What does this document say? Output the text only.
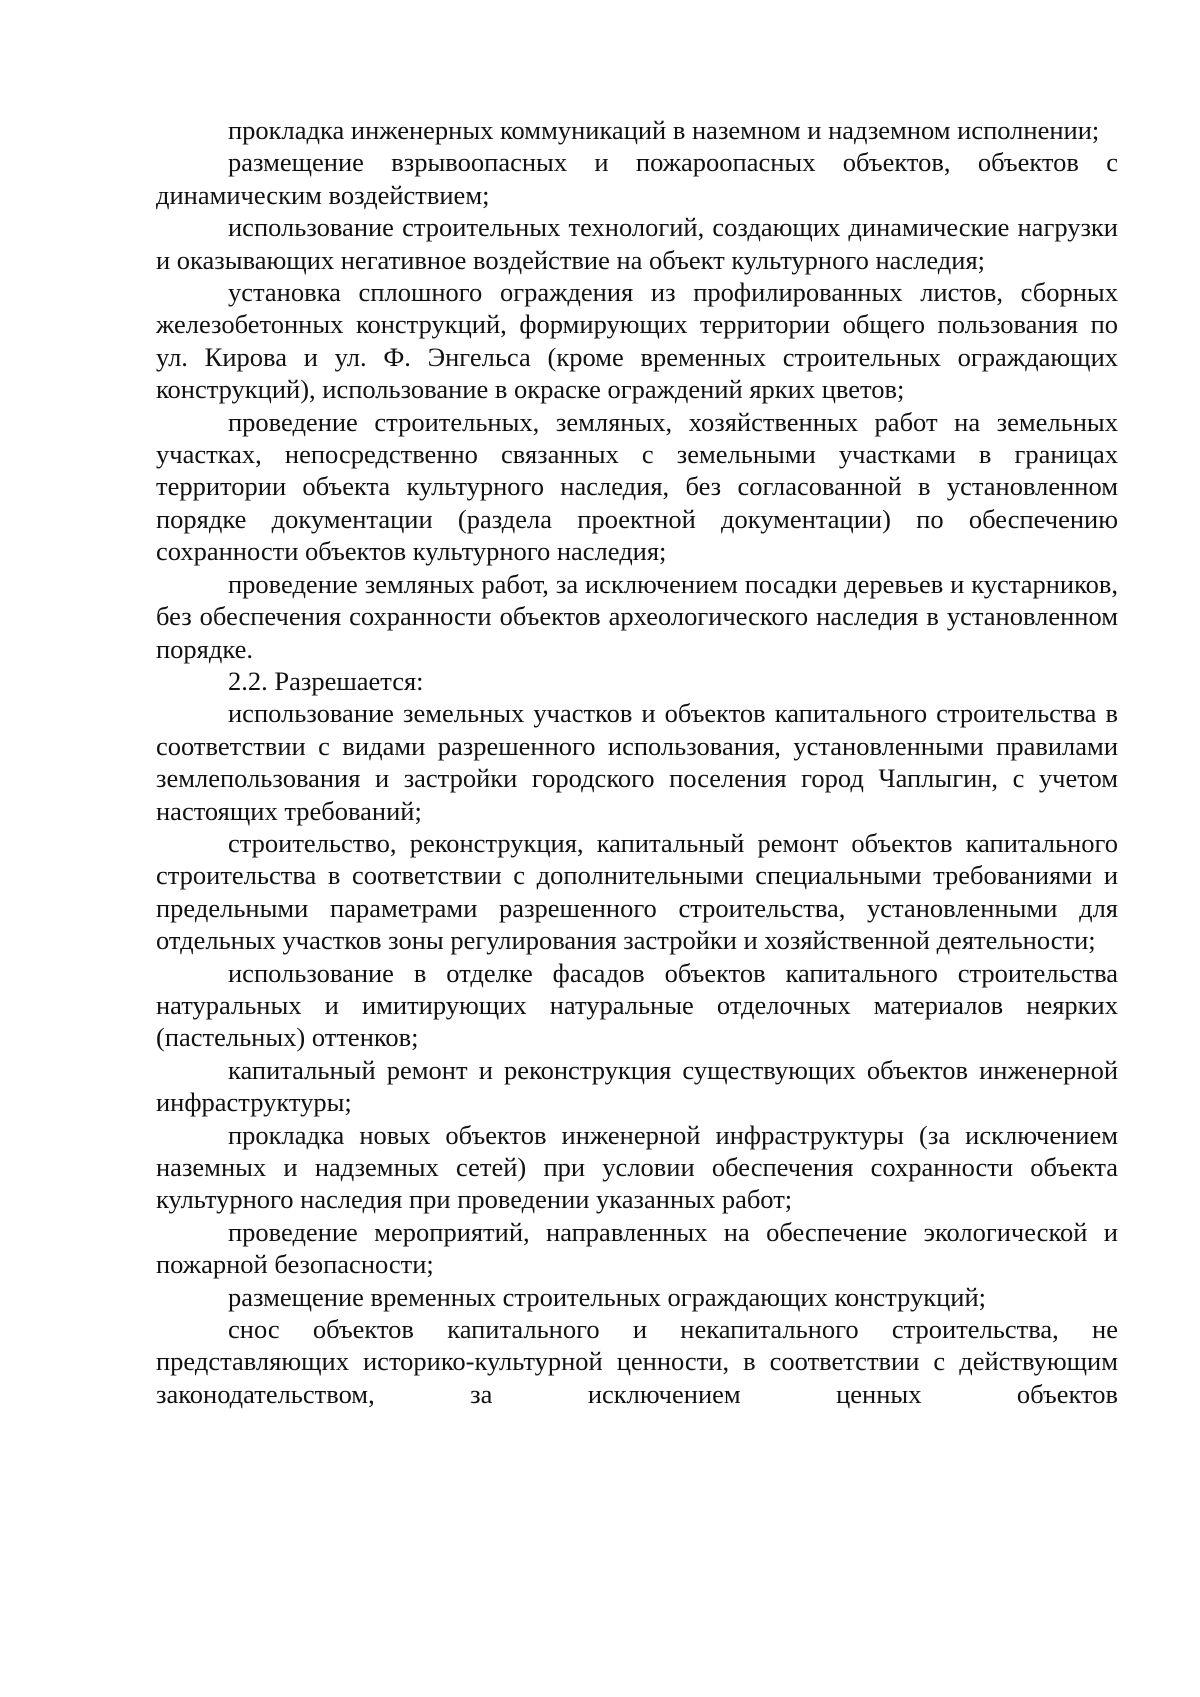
прокладка инженерных коммуникаций в наземном и надземном исполнении;

размещение взрывоопасных и пожароопасных объектов, объектов с динамическим воздействием;

использование строительных технологий, создающих динамические нагрузки и оказывающих негативное воздействие на объект культурного наследия;

установка сплошного ограждения из профилированных листов, сборных железобетонных конструкций, формирующих территории общего пользования по ул. Кирова и ул. Ф. Энгельса (кроме временных строительных ограждающих конструкций), использование в окраске ограждений ярких цветов;

проведение строительных, земляных, хозяйственных работ на земельных участках, непосредственно связанных с земельными участками в границах территории объекта культурного наследия, без согласованной в установленном порядке документации (раздела проектной документации) по обеспечению сохранности объектов культурного наследия;

проведение земляных работ, за исключением посадки деревьев и кустарников, без обеспечения сохранности объектов археологического наследия в установленном порядке.

2.2. Разрешается:

использование земельных участков и объектов капитального строительства в соответствии с видами разрешенного использования, установленными правилами землепользования и застройки городского поселения город Чаплыгин, с учетом настоящих требований;

строительство, реконструкция, капитальный ремонт объектов капитального строительства в соответствии с дополнительными специальными требованиями и предельными параметрами разрешенного строительства, установленными для отдельных участков зоны регулирования застройки и хозяйственной деятельности;

использование в отделке фасадов объектов капитального строительства натуральных и имитирующих натуральные отделочных материалов неярких (пастельных) оттенков;

капитальный ремонт и реконструкция существующих объектов инженерной инфраструктуры;

прокладка новых объектов инженерной инфраструктуры (за исключением наземных и надземных сетей) при условии обеспечения сохранности объекта культурного наследия при проведении указанных работ;

проведение мероприятий, направленных на обеспечение экологической и пожарной безопасности;

размещение временных строительных ограждающих конструкций;

снос объектов капитального и некапитального строительства, не представляющих историко-культурной ценности, в соответствии с действующим законодательством, за исключением ценных объектов
